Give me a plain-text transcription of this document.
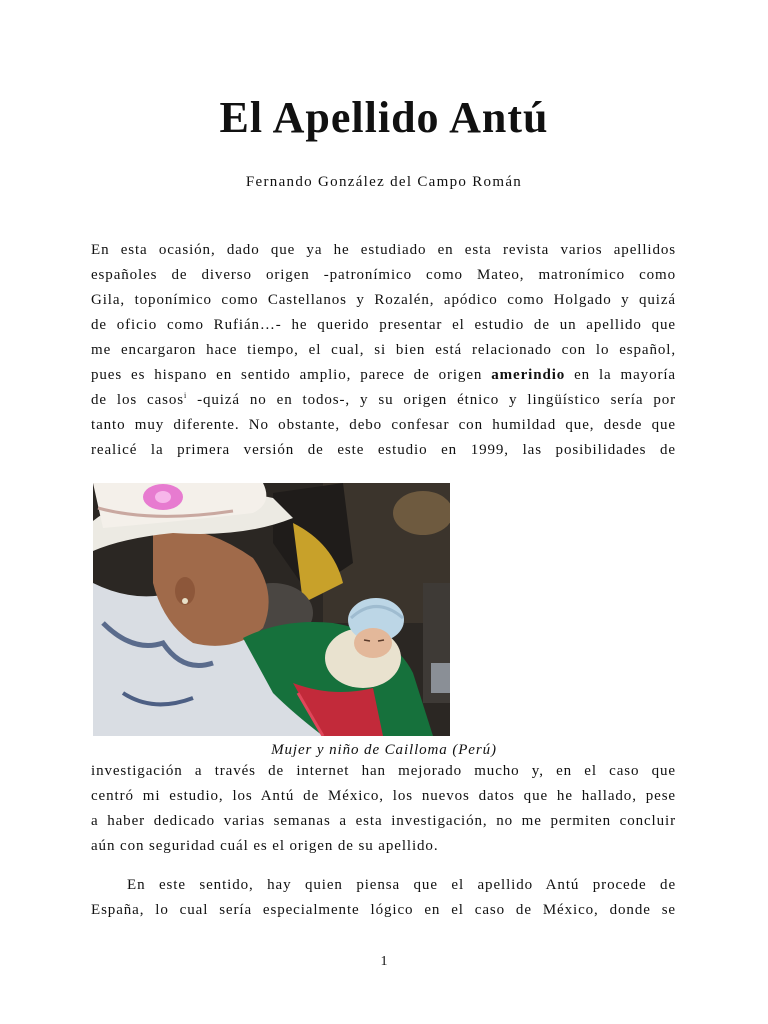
El Apellido Antú
Fernando González del Campo Román
En esta ocasión, dado que ya he estudiado en esta revista varios apellidos
españoles de diverso origen -patronímico como Mateo, matronímico como
Gila, toponímico como Castellanos y Rozalén, apódico como Holgado y quizá
de oficio como Rufián…- he querido presentar el estudio de un apellido que
me encargaron hace tiempo, el cual, si bien está relacionado con lo español,
pues es hispano en sentido amplio, parece de origen amerindio en la mayoría
de los casos$^i$ -quizá no en todos-, y su origen étnico y lingüístico sería por
tanto muy diferente. No obstante, debo confesar con humildad que, desde que
realicé la primera versión de este estudio en 1999, las posibilidades de
Mujer y niño de Cailloma (Perú)
investigación a través de internet han mejorado mucho y, en el caso que
centró mi estudio, los Antú de México, los nuevos datos que he hallado, pese
a haber dedicado varias semanas a esta investigación, no me permiten concluir
aún con seguridad cuál es el origen de su apellido.
En este sentido, hay quien piensa que el apellido Antú procede de
España, lo cual sería especialmente lógico en el caso de México, donde se
1
